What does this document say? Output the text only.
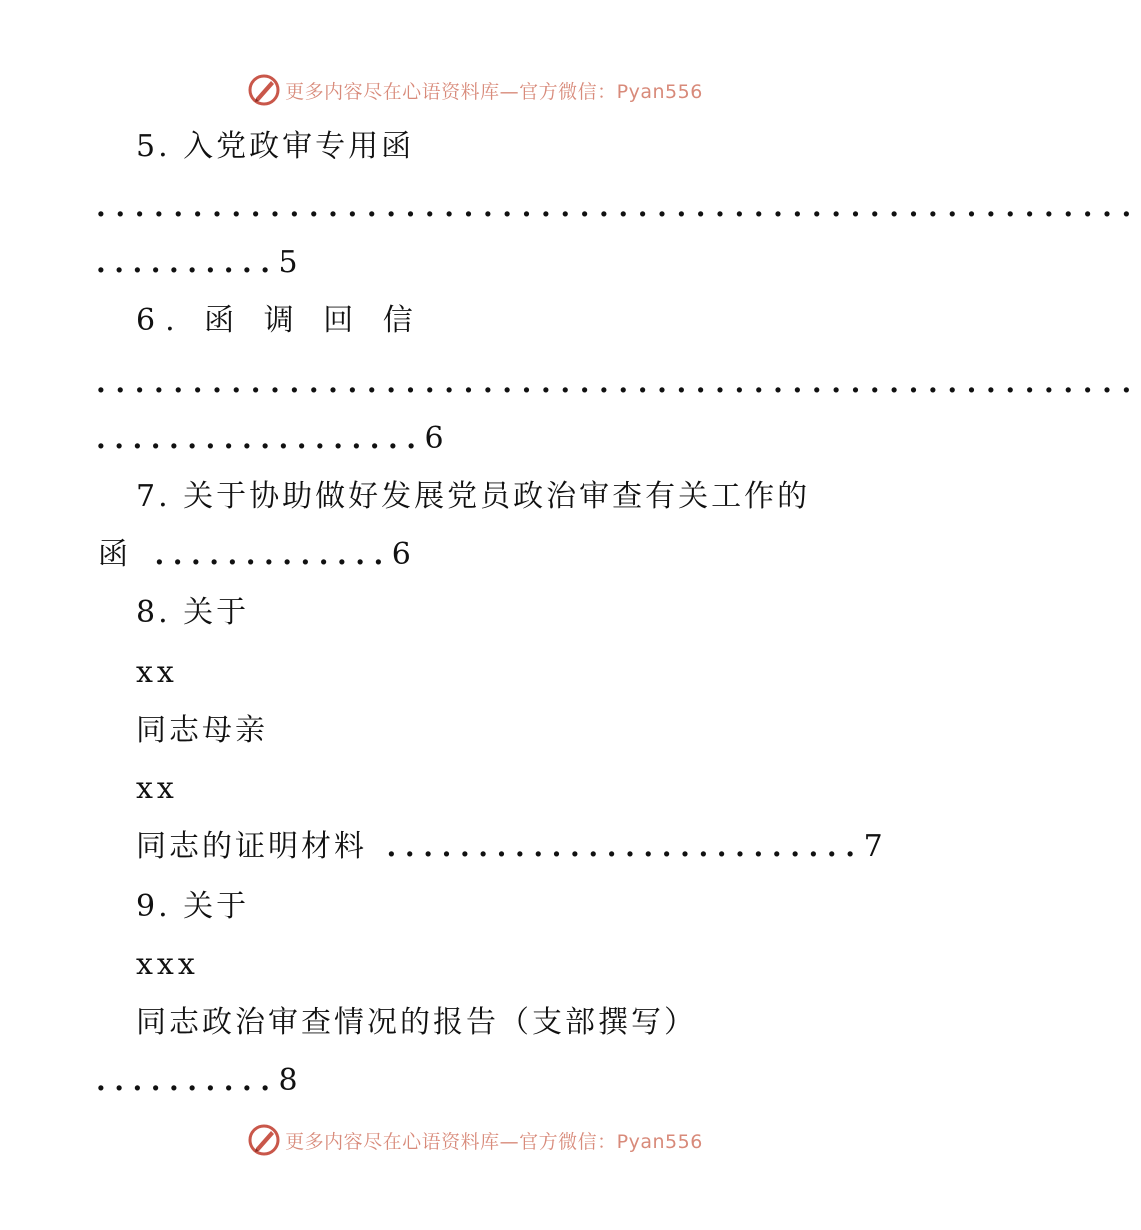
更多内容尽在心语资料库—官方微信：Pyan556
5. 入党政审专用函
......................................................
..........5
6. 函 调 回 信
......................................................
..................6
7. 关于协助做好发展党员政治审查有关工作的
函 .............6
8. 关于
xx
同志母亲
xx
同志的证明材料 ..........................7
9. 关于
xxx
同志政治审查情况的报告（支部撰写）
..........8
更多内容尽在心语资料库—官方微信：Pyan556
